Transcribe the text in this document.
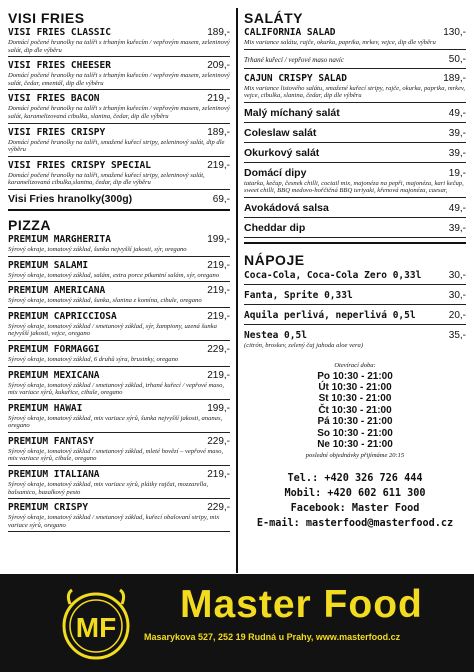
VISI FRIES
VISI FRIES CLASSIC	189,-
Domácí počené hranolky na talíři s trhaným kuřecím / vepřovým masem, zeleninový salát, dip dle výběru
VISI FRIES CHEESER	209,-
Domácí počené hranolky na talíři s trhaným kuřecím / vepřovým masem, zeleninový salát, čedar, ementál, dip dle výběru
VISI FRIES BACON	219,-
Domácí počené hranolky na talíři s trhaným kuřecím / vepřovým masem, zeleninový salát, karamelizovaná cibulka, slanina, čedar, dip dle výběru
VISI FRIES CRISPY	189,-
Domácí počené hranolky na talíři, smažené kuřecí stripy, zeleninový salát, dip dle výběru
VISI FRIES CRISPY SPECIAL	219,-
Domácí počené hranolky na talíři, smažené kuřecí stripy, zeleninový salát, karamelizovaná cibulka,slanina, čedar, dip dle výběru
Visi Fries hranolky(300g)	69,-
PIZZA
PREMIUM MARGHERITA	199,-
Sýrový okraje, tomatový základ, šunka nejvyšší jakosti, sýr, oregano
PREMIUM SALAMI	219,-
Sýrový okraje, tomatový základ, salám, extra porce pikantní salám, sýr, oregano
PREMIUM AMERICANA	219,-
Sýrový okraje, tomatový základ, šunka, slanina z komína, cibule, oregano
PREMIUM CAPRICCIOSA	219,-
Sýrový okraje, tomatový základ / smetanový základ, sýr, žampiony, uzená šunka nejvyšší jakosti, vejce, oregano
PREMIUM FORMAGGI	229,-
Sýrový okraje, tomatový základ, 6 druhů sýra, brusinky, oregano
PREMIUM MEXICANA	219,-
Sýrový okraje, tomatový základ / smetanový základ, trhané kuřecí / vepřové maso, mix variace sýrů, kukuřice, cibule, oregano
PREMIUM HAWAI	199,-
Sýrový okraje, tomatový základ, mix variace sýrů, šunka nejvyšší jakosti, ananas, oregano
PREMIUM FANTASY	229,-
Sýrový okraje, tomatový základ / smetanový základ, mleté hovězí – vepřové maso, mix variace sýrů, cibule, oregano
PREMIUM ITALIANA	219,-
Sýrový okraje, tomatový základ, mix variace sýrů, plátky rajčat, mozzarella, balsamico, bazalkový pesto
PREMIUM CRISPY	229,-
Sýrový okraje, tomatový základ / smetanový základ, kuřecí obalovaní stripy, mix variace sýrů, oregano
SALÁTY
CALIFORNIA SALAD	130,-
Mix variance salátu, rajče, okurka, paprika, mrkev, vejce, dip dle výběru
Trhané kuřecí / vepřové maso navíc	50,-
CAJUN CRISPY SALAD	189,-
Mix variance listového salátu, smažené kuřecí stripy, rajče, okurka, paprika, mrkev, vejce, cibulka, slanina, čedar, dip dle výběru
Malý míchaný salát	49,-
Coleslaw salát	39,-
Okurkový salát	39,-
Domácí dipy	19,-
tatarka, kečup, česnek chilli, coctail mix, majonéza na pepři, majonéza, kari kečup, sweet chilli, BBQ medovo-hořčičná BBQ teriyaki, křenová majonéza, caesar,
Avokádová salsa	49,-
Cheddar dip	39,-
NÁPOJE
Coca-Cola, Coca-Cola Zero 0,33l	30,-
Fanta, Sprite 0,33l	30,-
Aquila perlivá, neperlivá 0,5l	20,-
Nestea 0,5l	35,-
(citrón, broskev, zelený čaj jahoda aloe vera)
Otevírací doba:
Po 10:30 - 21:00
Út 10:30 - 21:00
St 10:30 - 21:00
Čt 10:30 - 21:00
Pá 10:30 - 21:00
So 10:30 - 21:00
Ne 10:30 - 21:00
poslední objednávky přijímáme 20:15
Tel.: +420 326 726 444
Mobil: +420 602 611 300
Facebook: Master Food
E-mail: masterfood@masterfood.cz
MF
Master Food
Masarykova 527, 252 19 Rudná u Prahy, www.masterfood.cz
